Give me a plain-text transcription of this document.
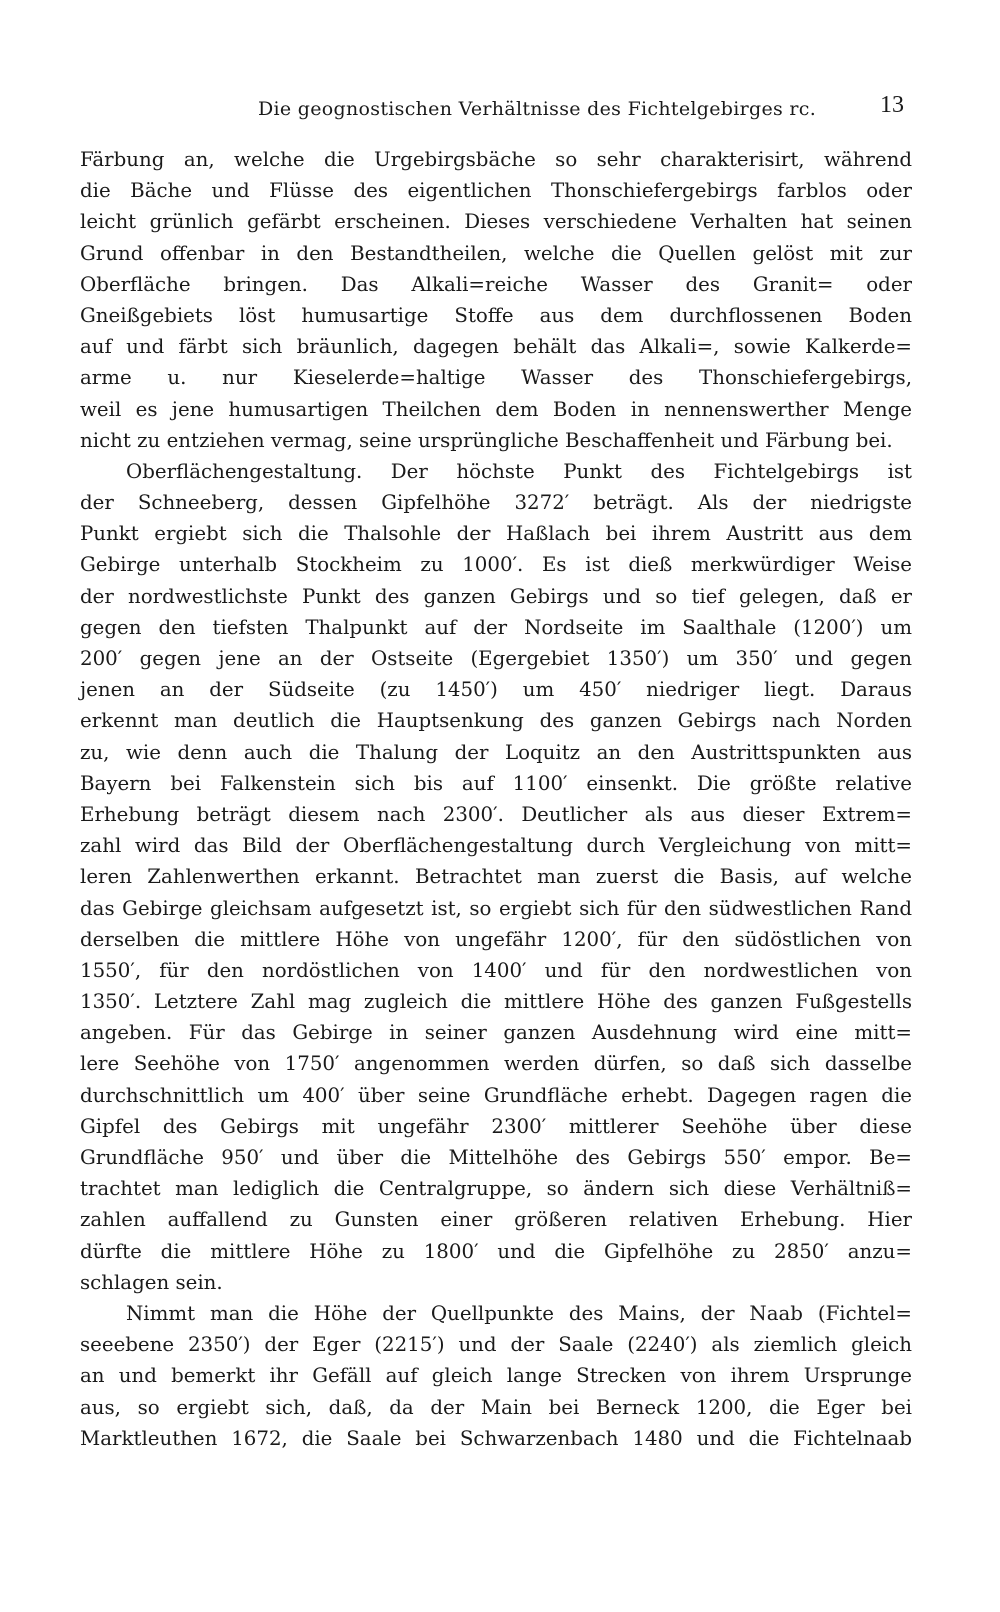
Die geognostischen Verhältnisse des Fichtelgebirges rc.	13
Färbung an, welche die Urgebirgsbäche so sehr charakterisirt, während
die Bäche und Flüsse des eigentlichen Thonschiefergebirgs farblos oder
leicht grünlich gefärbt erscheinen. Dieses verschiedene Verhalten hat seinen
Grund offenbar in den Bestandtheilen, welche die Quellen gelöst mit zur
Oberfläche bringen. Das Alkali=reiche Wasser des Granit= oder
Gneißgebiets löst humusartige Stoffe aus dem durchflossenen Boden
auf und färbt sich bräunlich, dagegen behält das Alkali=, sowie Kalkerde=
arme u. nur Kieselerde=haltige Wasser des Thonschiefergebirgs,
weil es jene humusartigen Theilchen dem Boden in nennenswerther Menge
nicht zu entziehen vermag, seine ursprüngliche Beschaffenheit und Färbung bei.
Oberflächengestaltung. Der höchste Punkt des Fichtelgebirgs ist
der Schneeberg, dessen Gipfelhöhe 3272′ beträgt. Als der niedrigste
Punkt ergiebt sich die Thalsohle der Haßlach bei ihrem Austritt aus dem
Gebirge unterhalb Stockheim zu 1000′. Es ist dieß merkwürdiger Weise
der nordwestlichste Punkt des ganzen Gebirgs und so tief gelegen, daß er
gegen den tiefsten Thalpunkt auf der Nordseite im Saalthale (1200′) um
200′ gegen jene an der Ostseite (Egergebiet 1350′) um 350′ und gegen
jenen an der Südseite (zu 1450′) um 450′ niedriger liegt. Daraus
erkennt man deutlich die Hauptsenkung des ganzen Gebirgs nach Norden
zu, wie denn auch die Thalung der Loquitz an den Austrittspunkten aus
Bayern bei Falkenstein sich bis auf 1100′ einsenkt. Die größte relative
Erhebung beträgt diesem nach 2300′. Deutlicher als aus dieser Extrem=
zahl wird das Bild der Oberflächengestaltung durch Vergleichung von mitt=
leren Zahlenwerthen erkannt. Betrachtet man zuerst die Basis, auf welche
das Gebirge gleichsam aufgesetzt ist, so ergiebt sich für den südwestlichen Rand
derselben die mittlere Höhe von ungefähr 1200′, für den südöstlichen von
1550′, für den nordöstlichen von 1400′ und für den nordwestlichen von
1350′. Letztere Zahl mag zugleich die mittlere Höhe des ganzen Fußgestells
angeben. Für das Gebirge in seiner ganzen Ausdehnung wird eine mitt=
lere Seehöhe von 1750′ angenommen werden dürfen, so daß sich dasselbe
durchschnittlich um 400′ über seine Grundfläche erhebt. Dagegen ragen die
Gipfel des Gebirgs mit ungefähr 2300′ mittlerer Seehöhe über diese
Grundfläche 950′ und über die Mittelhöhe des Gebirgs 550′ empor. Be=
trachtet man lediglich die Centralgruppe, so ändern sich diese Verhältniß=
zahlen auffallend zu Gunsten einer größeren relativen Erhebung. Hier
dürfte die mittlere Höhe zu 1800′ und die Gipfelhöhe zu 2850′ anzu=
schlagen sein.
Nimmt man die Höhe der Quellpunkte des Mains, der Naab (Fichtel=
seeebene 2350′) der Eger (2215′) und der Saale (2240′) als ziemlich gleich
an und bemerkt ihr Gefäll auf gleich lange Strecken von ihrem Ursprunge
aus, so ergiebt sich, daß, da der Main bei Berneck 1200, die Eger bei
Marktleuthen 1672, die Saale bei Schwarzenbach 1480 und die Fichtelnaab
